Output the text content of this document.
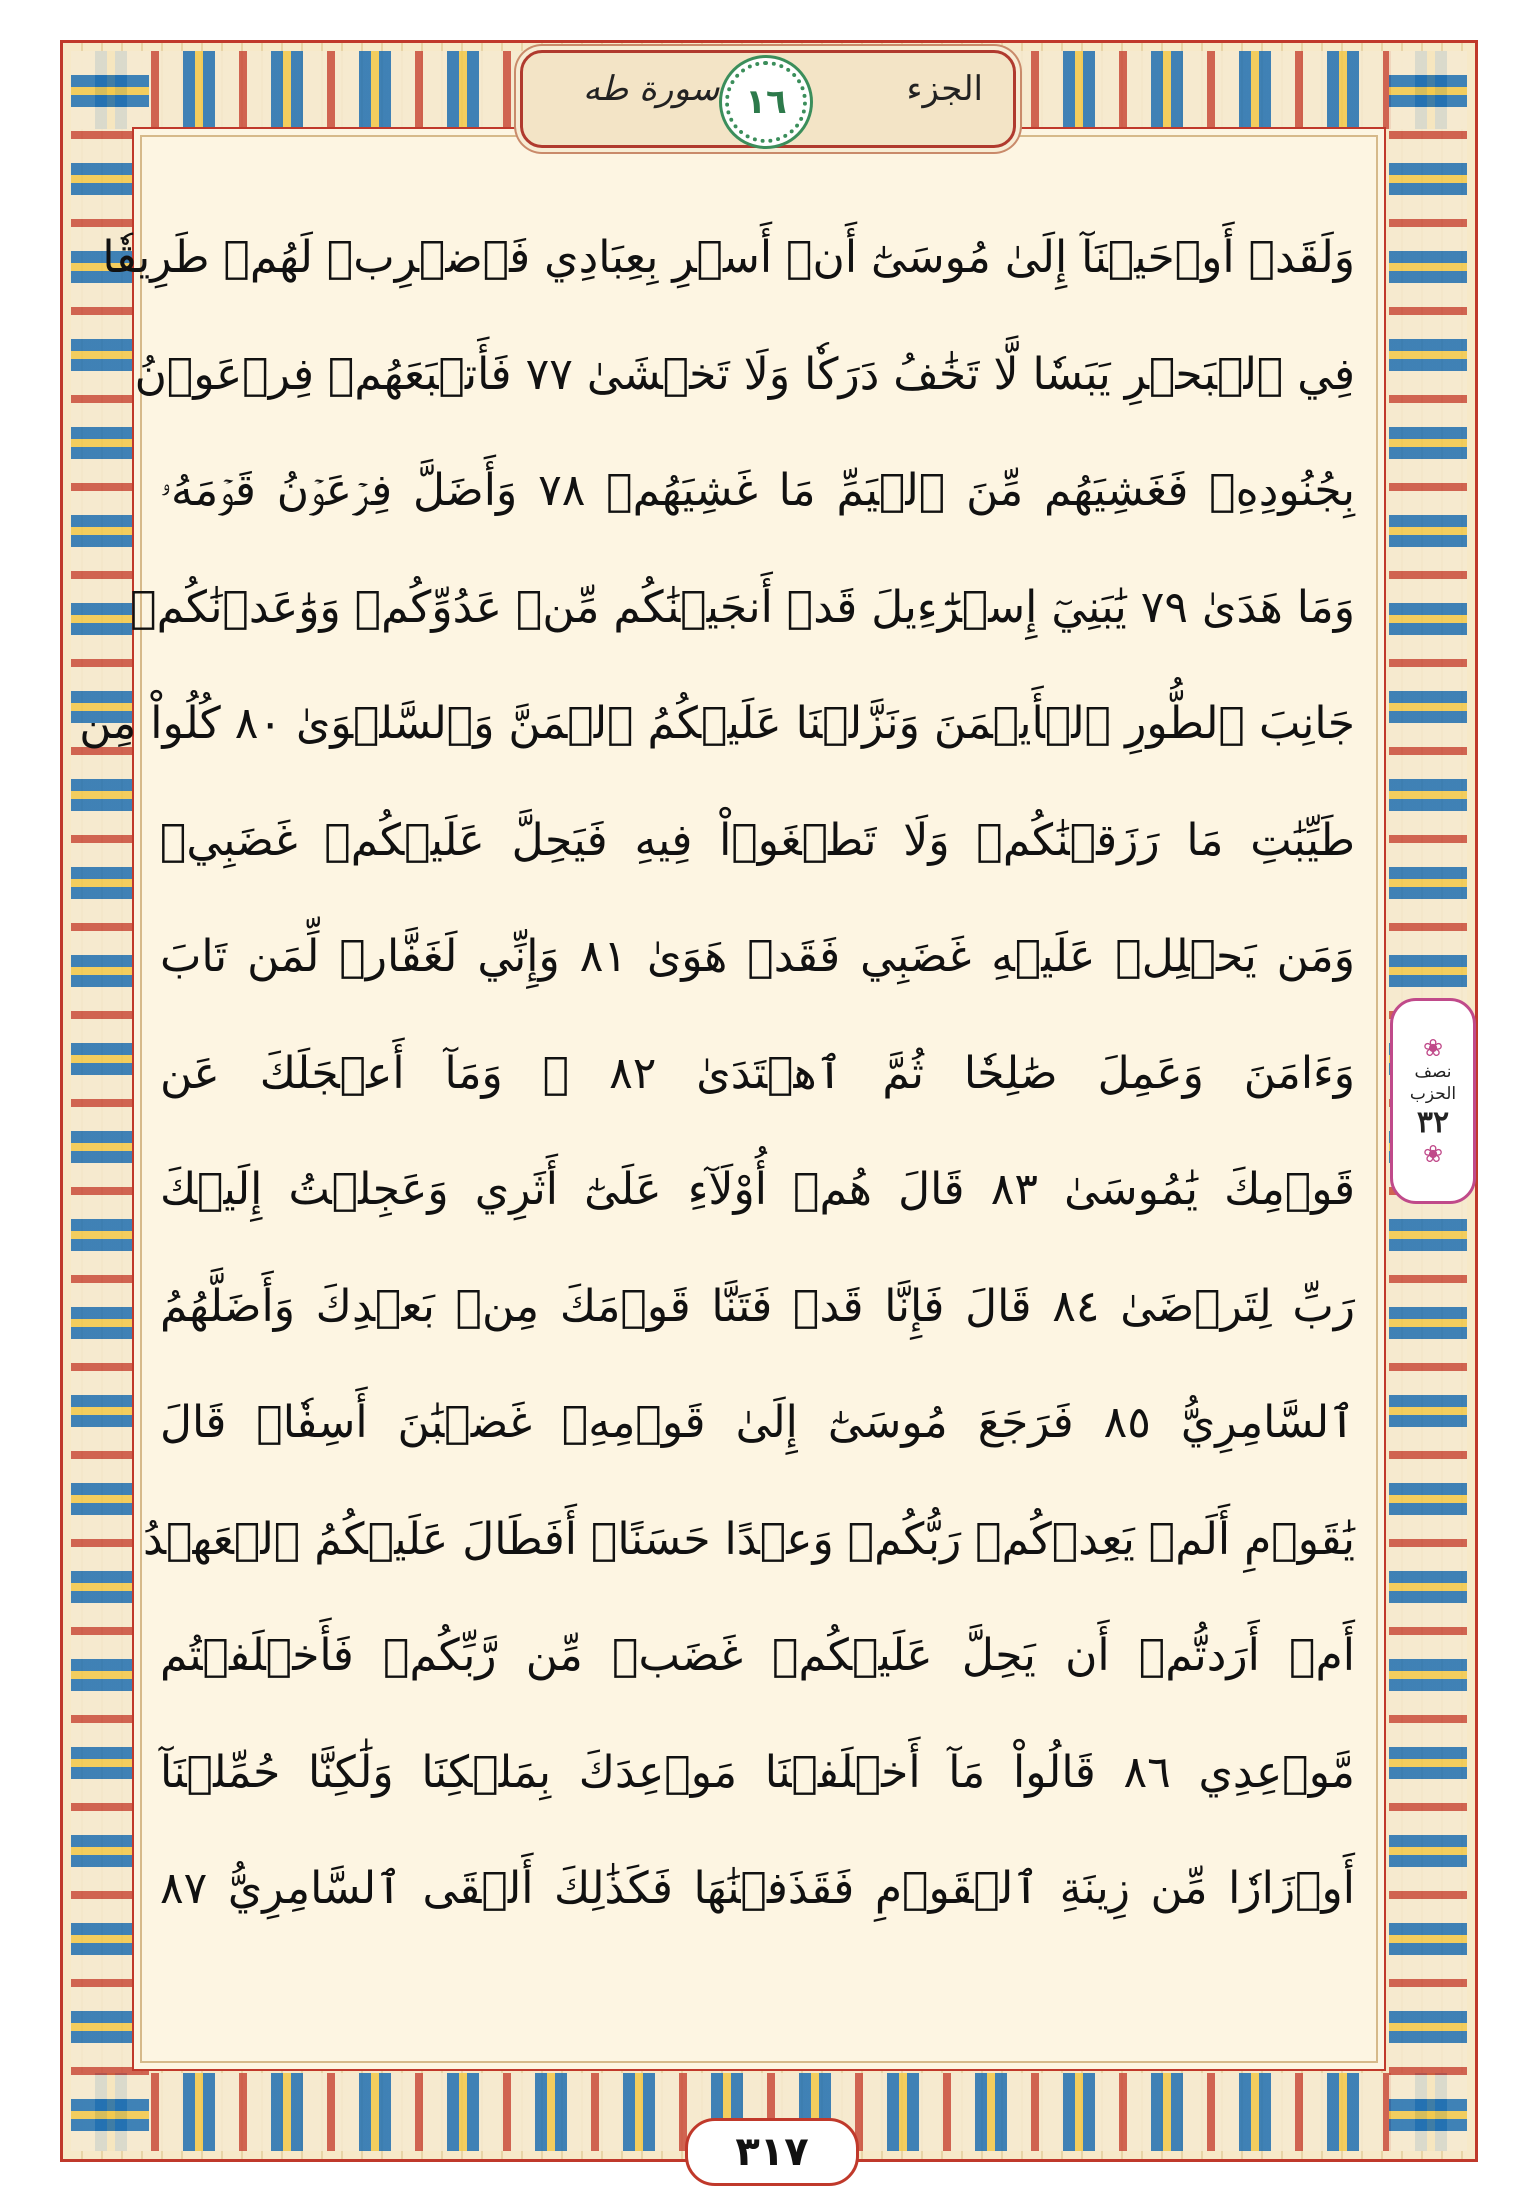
سورة طه ١٦	الجزء
وَلَقَدۡ أَوۡحَيۡنَآ إِلَىٰ مُوسَىٰٓ أَنۡ أَسۡرِ بِعِبَادِي فَٱضۡرِبۡ لَهُمۡ طَرِيقٗا
فِي ٱلۡبَحۡرِ يَبَسٗا لَّا تَخَٰفُ دَرَكٗا وَلَا تَخۡشَىٰ ٧٧ فَأَتۡبَعَهُمۡ فِرۡعَوۡنُ
بِجُنُودِهِۦ فَغَشِيَهُم مِّنَ ٱلۡيَمِّ مَا غَشِيَهُمۡ ٧٨ وَأَضَلَّ فِرۡعَوۡنُ قَوۡمَهُۥ
وَمَا هَدَىٰ ٧٩ يَٰبَنِيٓ إِسۡرَٰٓءِيلَ قَدۡ أَنجَيۡنَٰكُم مِّنۡ عَدُوِّكُمۡ وَوَٰعَدۡنَٰكُمۡ
جَانِبَ ٱلطُّورِ ٱلۡأَيۡمَنَ وَنَزَّلۡنَا عَلَيۡكُمُ ٱلۡمَنَّ وَٱلسَّلۡوَىٰ ٨٠ كُلُواْ مِن
طَيِّبَٰتِ مَا رَزَقۡنَٰكُمۡ وَلَا تَطۡغَوۡاْ فِيهِ فَيَحِلَّ عَلَيۡكُمۡ غَضَبِيۖ
وَمَن يَحۡلِلۡ عَلَيۡهِ غَضَبِي فَقَدۡ هَوَىٰ ٨١ وَإِنِّي لَغَفَّارٞ لِّمَن تَابَ
وَءَامَنَ وَعَمِلَ صَٰلِحٗا ثُمَّ ٱهۡتَدَىٰ ٨٢ ۞ وَمَآ أَعۡجَلَكَ عَن
قَوۡمِكَ يَٰمُوسَىٰ ٨٣ قَالَ هُمۡ أُوْلَآءِ عَلَىٰٓ أَثَرِي وَعَجِلۡتُ إِلَيۡكَ
رَبِّ لِتَرۡضَىٰ ٨٤ قَالَ فَإِنَّا قَدۡ فَتَنَّا قَوۡمَكَ مِنۢ بَعۡدِكَ وَأَضَلَّهُمُ
ٱلسَّامِرِيُّ ٨٥ فَرَجَعَ مُوسَىٰٓ إِلَىٰ قَوۡمِهِۦ غَضۡبَٰنَ أَسِفٗاۚ قَالَ
يَٰقَوۡمِ أَلَمۡ يَعِدۡكُمۡ رَبُّكُمۡ وَعۡدًا حَسَنًاۚ أَفَطَالَ عَلَيۡكُمُ ٱلۡعَهۡدُ
أَمۡ أَرَدتُّمۡ أَن يَحِلَّ عَلَيۡكُمۡ غَضَبٞ مِّن رَّبِّكُمۡ فَأَخۡلَفۡتُم
مَّوۡعِدِي ٨٦ قَالُواْ مَآ أَخۡلَفۡنَا مَوۡعِدَكَ بِمَلۡكِنَا وَلَٰكِنَّا حُمِّلۡنَآ
أَوۡزَارٗا مِّن زِينَةِ ٱلۡقَوۡمِ فَقَذَفۡنَٰهَا فَكَذَٰلِكَ أَلۡقَى ٱلسَّامِرِيُّ ٨٧
❀
نصف
الحزب
٣٢
❀
٣١٧
